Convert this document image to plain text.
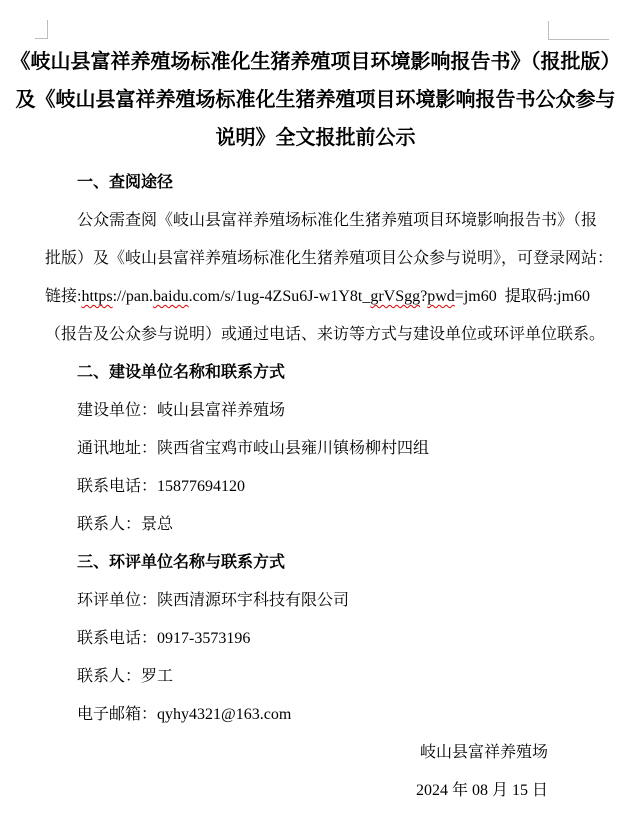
《岐山县富祥养殖场标准化生猪养殖项目环境影响报告书》（报批版）
及《岐山县富祥养殖场标准化生猪养殖项目环境影响报告书公众参与
说明》全文报批前公示
一、查阅途径
公众需查阅《岐山县富祥养殖场标准化生猪养殖项目环境影响报告书》（报
批版）及《岐山县富祥养殖场标准化生猪养殖项目公众参与说明》，可登录网站：
链接:https://pan.baidu.com/s/1ug-4ZSu6J-w1Y8t_grVSgg?pwd=jm60  提取码:jm60
（报告及公众参与说明）或通过电话、来访等方式与建设单位或环评单位联系。
二、建设单位名称和联系方式
建设单位：岐山县富祥养殖场
通讯地址：陕西省宝鸡市岐山县雍川镇杨柳村四组
联系电话：15877694120
联系人：景总
三、环评单位名称与联系方式
环评单位：陕西清源环宇科技有限公司
联系电话：0917-3573196
联系人：罗工
电子邮箱：qyhy4321@163.com
岐山县富祥养殖场
2024 年 08 月 15 日
